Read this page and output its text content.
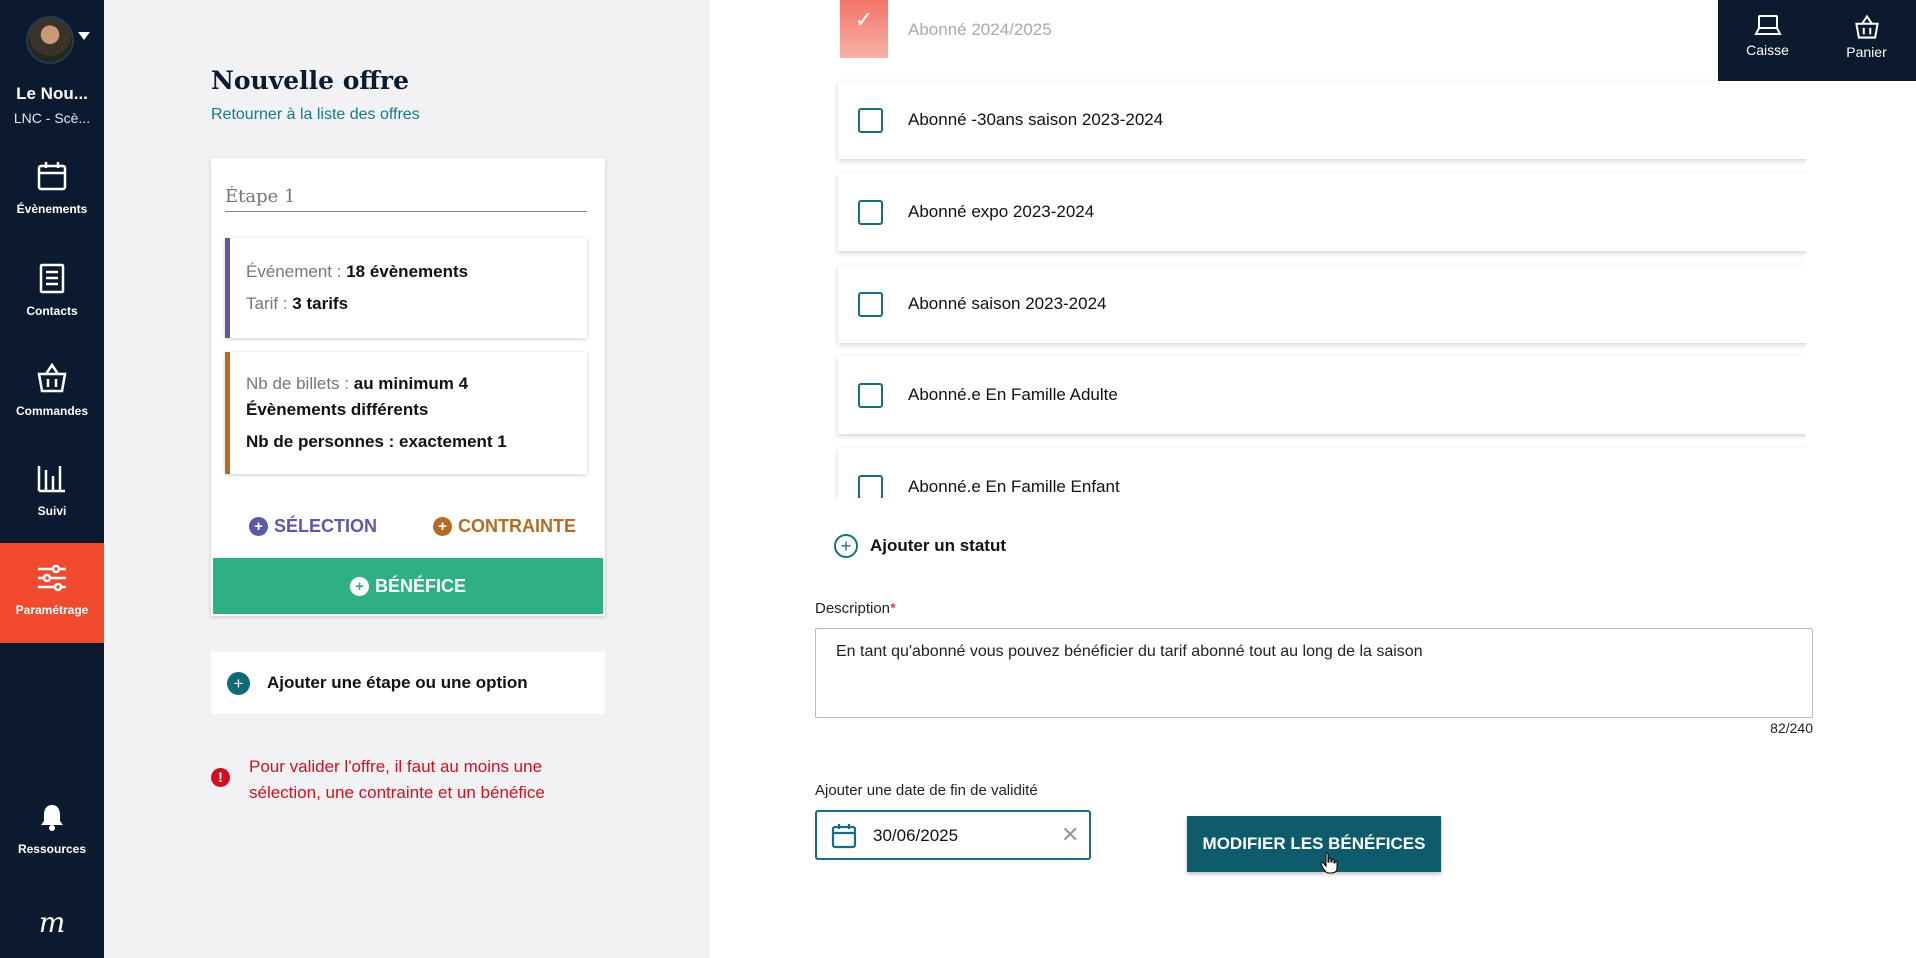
Le Nou...
LNC - Scè...
Évènements
Contacts
Commandes
Suivi
Paramétrage
Ressources
m
Nouvelle offre
Retourner à la liste des offres
Étape 1
Événement : 18 évènements
Tarif : 3 tarifs
Nb de billets : au minimum 4
Évènements différents
Nb de personnes : exactement 1
+ SÉLECTION	+ CONTRAINTE
+ BÉNÉFICE
+	Ajouter une étape ou une option
!
Pour valider l'offre, il faut au moins une sélection, une contrainte et un bénéfice
✓	Abonné 2024/2025
Abonné -30ans saison 2023-2024
Abonné expo 2023-2024
Abonné saison 2023-2024
Abonné.e En Famille Adulte
Abonné.e En Famille Enfant
+ Ajouter un statut
Description*
En tant qu'abonné vous pouvez bénéficier du tarif abonné tout au long de la saison
82/240
Ajouter une date de fin de validité
30/06/2025	✕	MODIFIER LES BÉNÉFICES
Caisse	Panier
